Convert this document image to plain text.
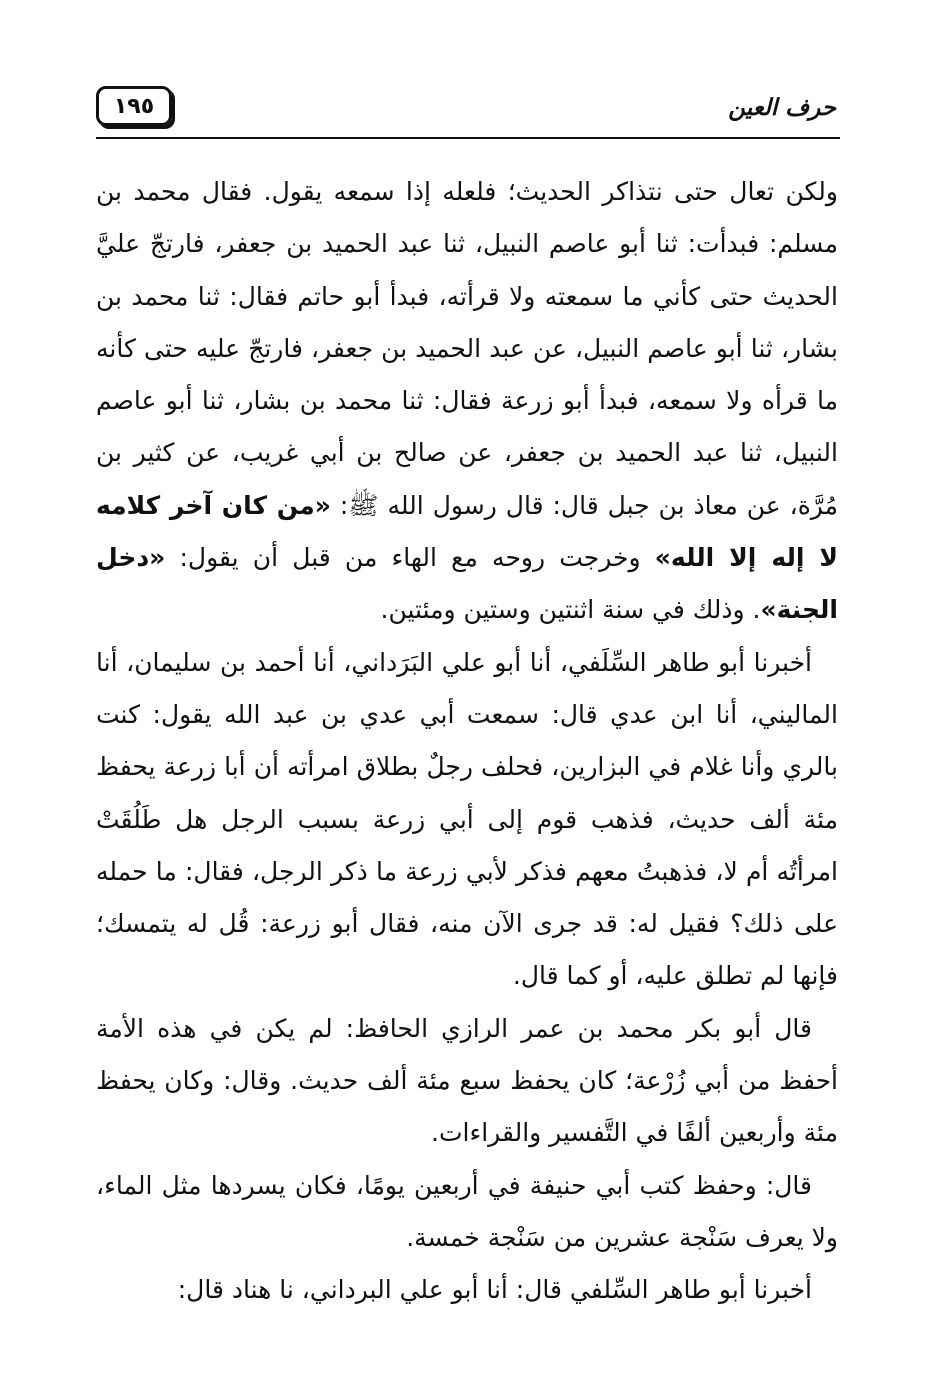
١٩٥	حرف العين

ولكن تعال حتى نتذاكر الحديث؛ فلعله إذا سمعه يقول. فقال محمد بن مسلم: فبدأت: ثنا أبو عاصم النبيل، ثنا عبد الحميد بن جعفر، فارتجّ عليَّ الحديث حتى كأني ما سمعته ولا قرأته، فبدأ أبو حاتم فقال: ثنا محمد بن بشار، ثنا أبو عاصم النبيل، عن عبد الحميد بن جعفر، فارتجّ عليه حتى كأنه ما قرأه ولا سمعه، فبدأ أبو زرعة فقال: ثنا محمد بن بشار، ثنا أبو عاصم النبيل، ثنا عبد الحميد بن جعفر، عن صالح بن أبي غريب، عن كثير بن مُرَّة، عن معاذ بن جبل قال: قال رسول الله ﷺ: «من كان آخر كلامه لا إله إلا الله» وخرجت روحه مع الهاء من قبل أن يقول: «دخل الجنة». وذلك في سنة اثنتين وستين ومئتين.

أخبرنا أبو طاهر السِّلَفي، أنا أبو علي البَرَداني، أنا أحمد بن سليمان، أنا الماليني، أنا ابن عدي قال: سمعت أبي عدي بن عبد الله يقول: كنت بالري وأنا غلام في البزارين، فحلف رجلٌ بطلاق امرأته أن أبا زرعة يحفظ مئة ألف حديث، فذهب قوم إلى أبي زرعة بسبب الرجل هل طَلُقَتْ امرأتُه أم لا، فذهبتُ معهم فذكر لأبي زرعة ما ذكر الرجل، فقال: ما حمله على ذلك؟ فقيل له: قد جرى الآن منه، فقال أبو زرعة: قُل له يتمسك؛ فإنها لم تطلق عليه، أو كما قال.

قال أبو بكر محمد بن عمر الرازي الحافظ: لم يكن في هذه الأمة أحفظ من أبي زُرْعة؛ كان يحفظ سبع مئة ألف حديث. وقال: وكان يحفظ مئة وأربعين ألفًا في التَّفسير والقراءات.

قال: وحفظ كتب أبي حنيفة في أربعين يومًا، فكان يسردها مثل الماء، ولا يعرف سَنْجة عشرين من سَنْجة خمسة.

أخبرنا أبو طاهر السِّلفي قال: أنا أبو علي البرداني، نا هناد قال:
